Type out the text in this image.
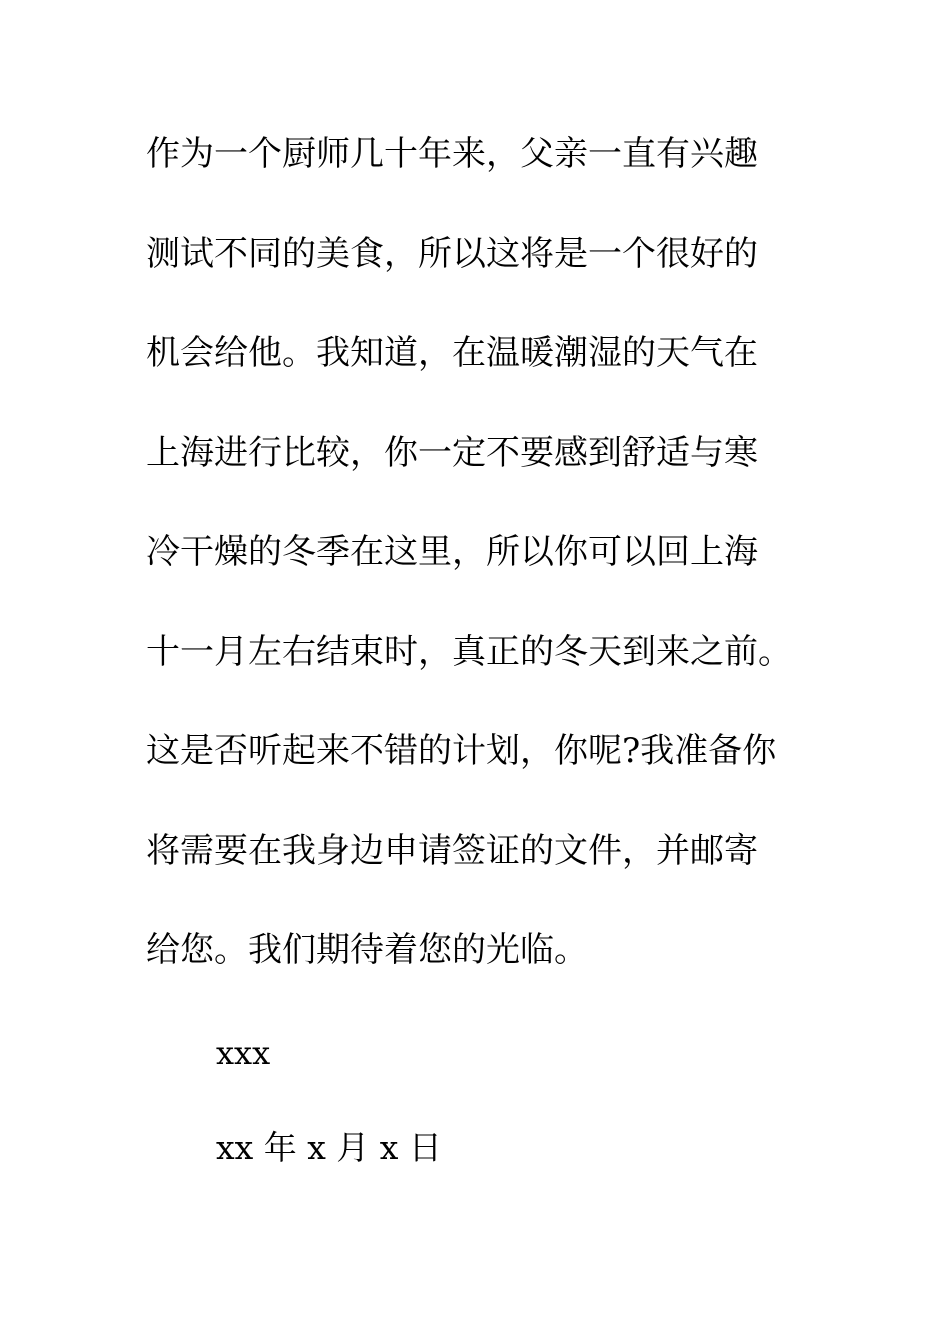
作为一个厨师几十年来，父亲一直有兴趣
测试不同的美食，所以这将是一个很好的
机会给他。我知道，在温暖潮湿的天气在
上海进行比较，你一定不要感到舒适与寒
冷干燥的冬季在这里，所以你可以回上海
十一月左右结束时，真正的冬天到来之前。
这是否听起来不错的计划，你呢?我准备你
将需要在我身边申请签证的文件，并邮寄
给您。我们期待着您的光临。
xxx
xx 年 x 月 x 日
